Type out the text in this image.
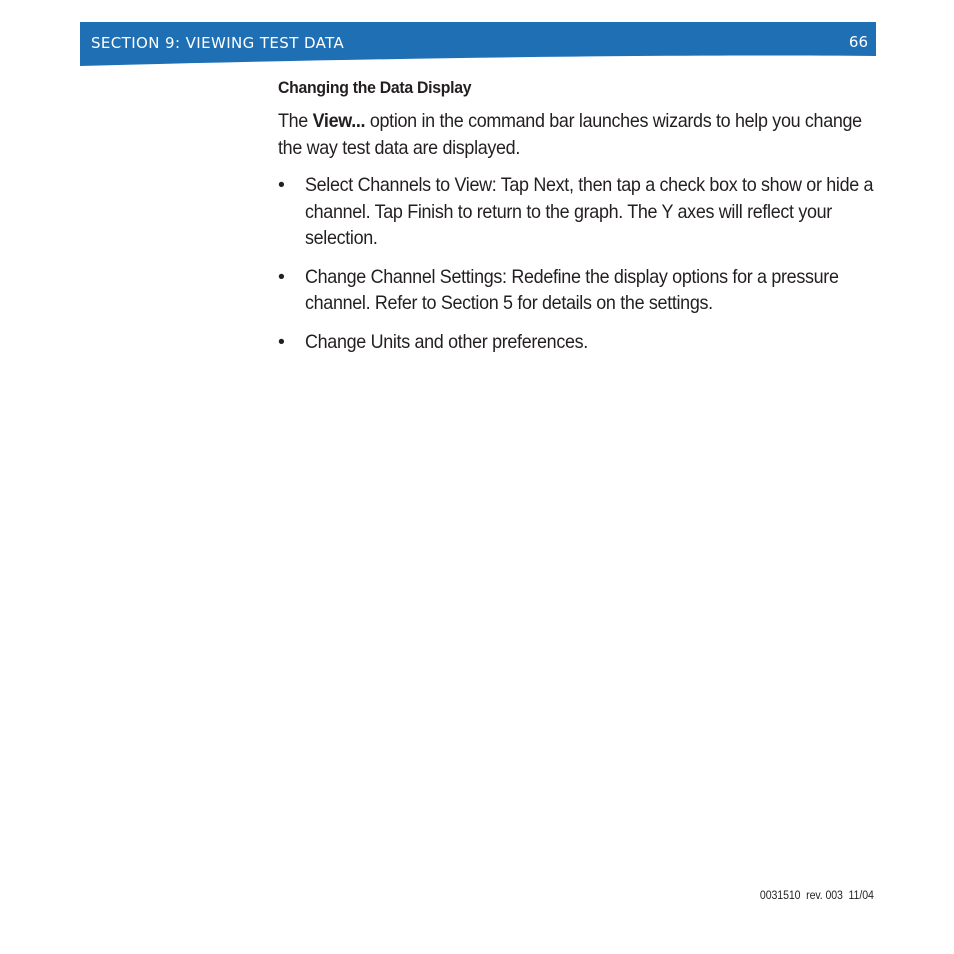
SECTION 9: VIEWING TEST DATA	66
Changing the Data Display

The View... option in the command bar launches wizards to help you change the way test data are displayed.

• Select Channels to View: Tap Next, then tap a check box to show or hide a channel. Tap Finish to return to the graph. The Y axes will reflect your selection.
• Change Channel Settings: Redefine the display options for a pressure channel. Refer to Section 5 for details on the settings.
• Change Units and other preferences.
0031510  rev. 003  11/04
